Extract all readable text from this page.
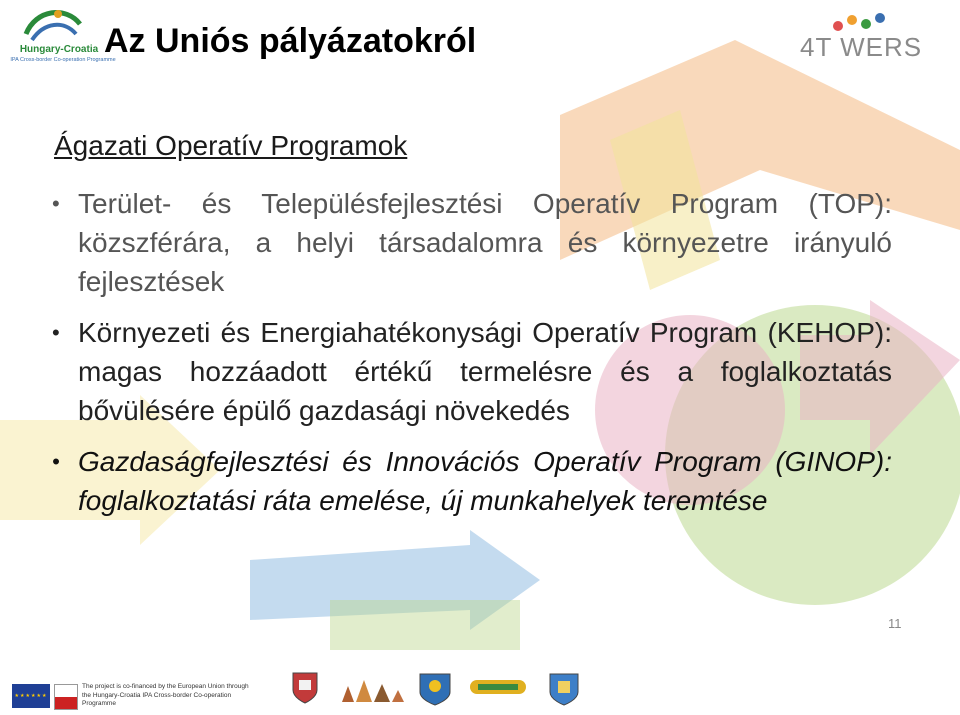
Hungary-Croatia
IPA Cross-border Co-operation Programme
Az Uniós pályázatokról	4T WERS
Ágazati Operatív Programok
• Terület- és Településfejlesztési Operatív Program (TOP): közszférára, a helyi társadalomra és környezetre irányuló fejlesztések
• Környezeti és Energiahatékonysági Operatív Program (KEHOP): magas hozzáadott értékű termelésre és a foglalkoztatás bővülésére épülő gazdasági növekedés
• Gazdaságfejlesztési és Innovációs Operatív Program (GINOP): foglalkoztatási ráta emelése, új munkahelyek teremtése
11
★★★★★★
The project is co-financed by the European Union through the Hungary-Croatia IPA Cross-border Co-operation Programme
